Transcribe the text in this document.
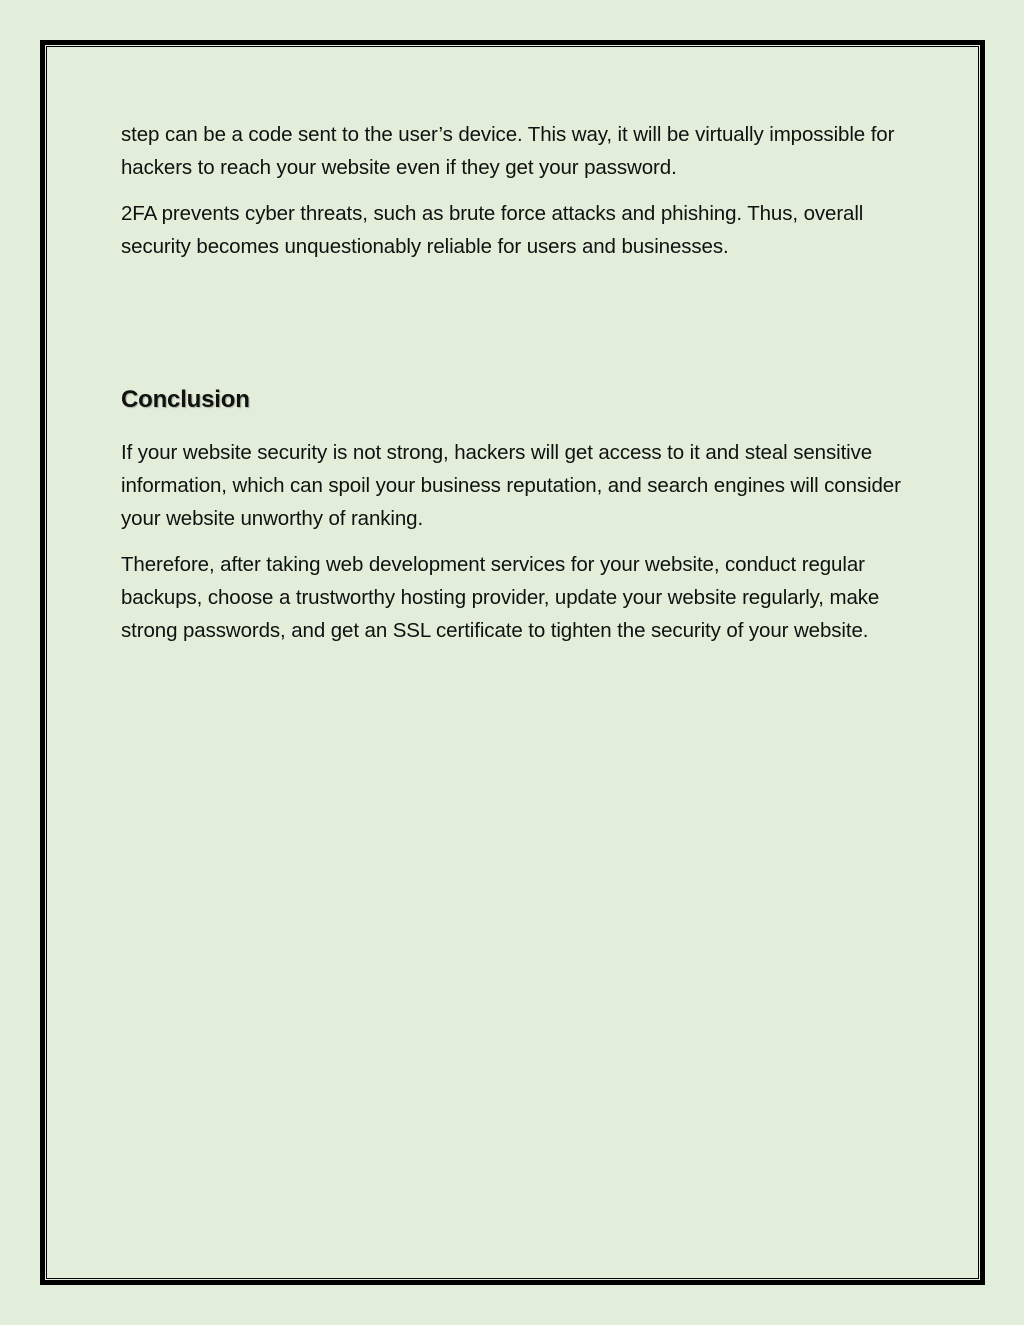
step can be a code sent to the user’s device. This way, it will be virtually impossible for hackers to reach your website even if they get your password.

2FA prevents cyber threats, such as brute force attacks and phishing. Thus, overall security becomes unquestionably reliable for users and businesses.

Conclusion

If your website security is not strong, hackers will get access to it and steal sensitive information, which can spoil your business reputation, and search engines will consider your website unworthy of ranking.

Therefore, after taking web development services for your website, conduct regular backups, choose a trustworthy hosting provider, update your website regularly, make strong passwords, and get an SSL certificate to tighten the security of your website.
